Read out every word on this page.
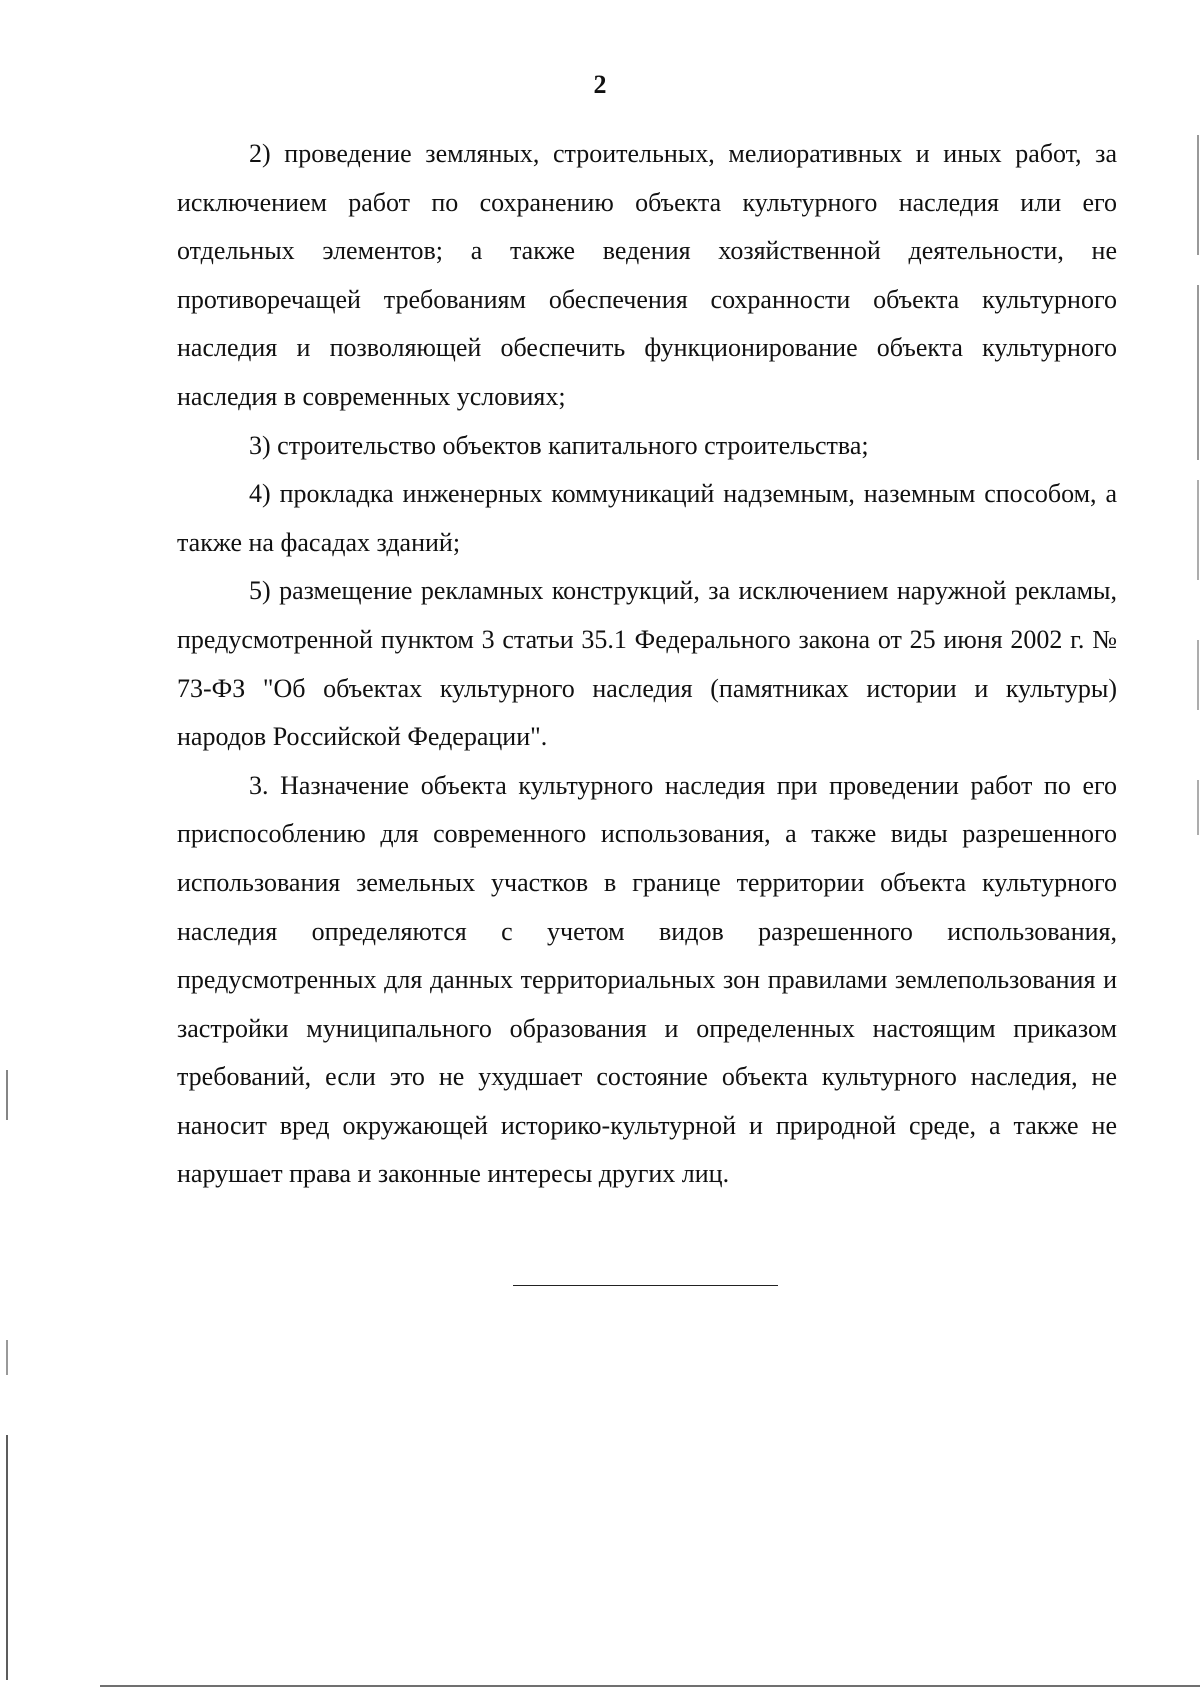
2

2) проведение земляных, строительных, мелиоративных и иных работ, за исключением работ по сохранению объекта культурного наследия или его отдельных элементов; а также ведения хозяйственной деятельности, не противоречащей требованиям обеспечения сохранности объекта культурного наследия и позволяющей обеспечить функционирование объекта культурного наследия в современных условиях;

3) строительство объектов капитального строительства;

4) прокладка инженерных коммуникаций надземным, наземным способом, а также на фасадах зданий;

5) размещение рекламных конструкций, за исключением наружной рекламы, предусмотренной пунктом 3 статьи 35.1 Федерального закона от 25 июня 2002 г. № 73-ФЗ "Об объектах культурного наследия (памятниках истории и культуры) народов Российской Федерации".

3. Назначение объекта культурного наследия при проведении работ по его приспособлению для современного использования, а также виды разрешенного использования земельных участков в границе территории объекта культурного наследия определяются с учетом видов разрешенного использования, предусмотренных для данных территориальных зон правилами землепользования и застройки муниципального образования и определенных настоящим приказом требований, если это не ухудшает состояние объекта культурного наследия, не наносит вред окружающей историко-культурной и природной среде, а также не нарушает права и законные интересы других лиц.
